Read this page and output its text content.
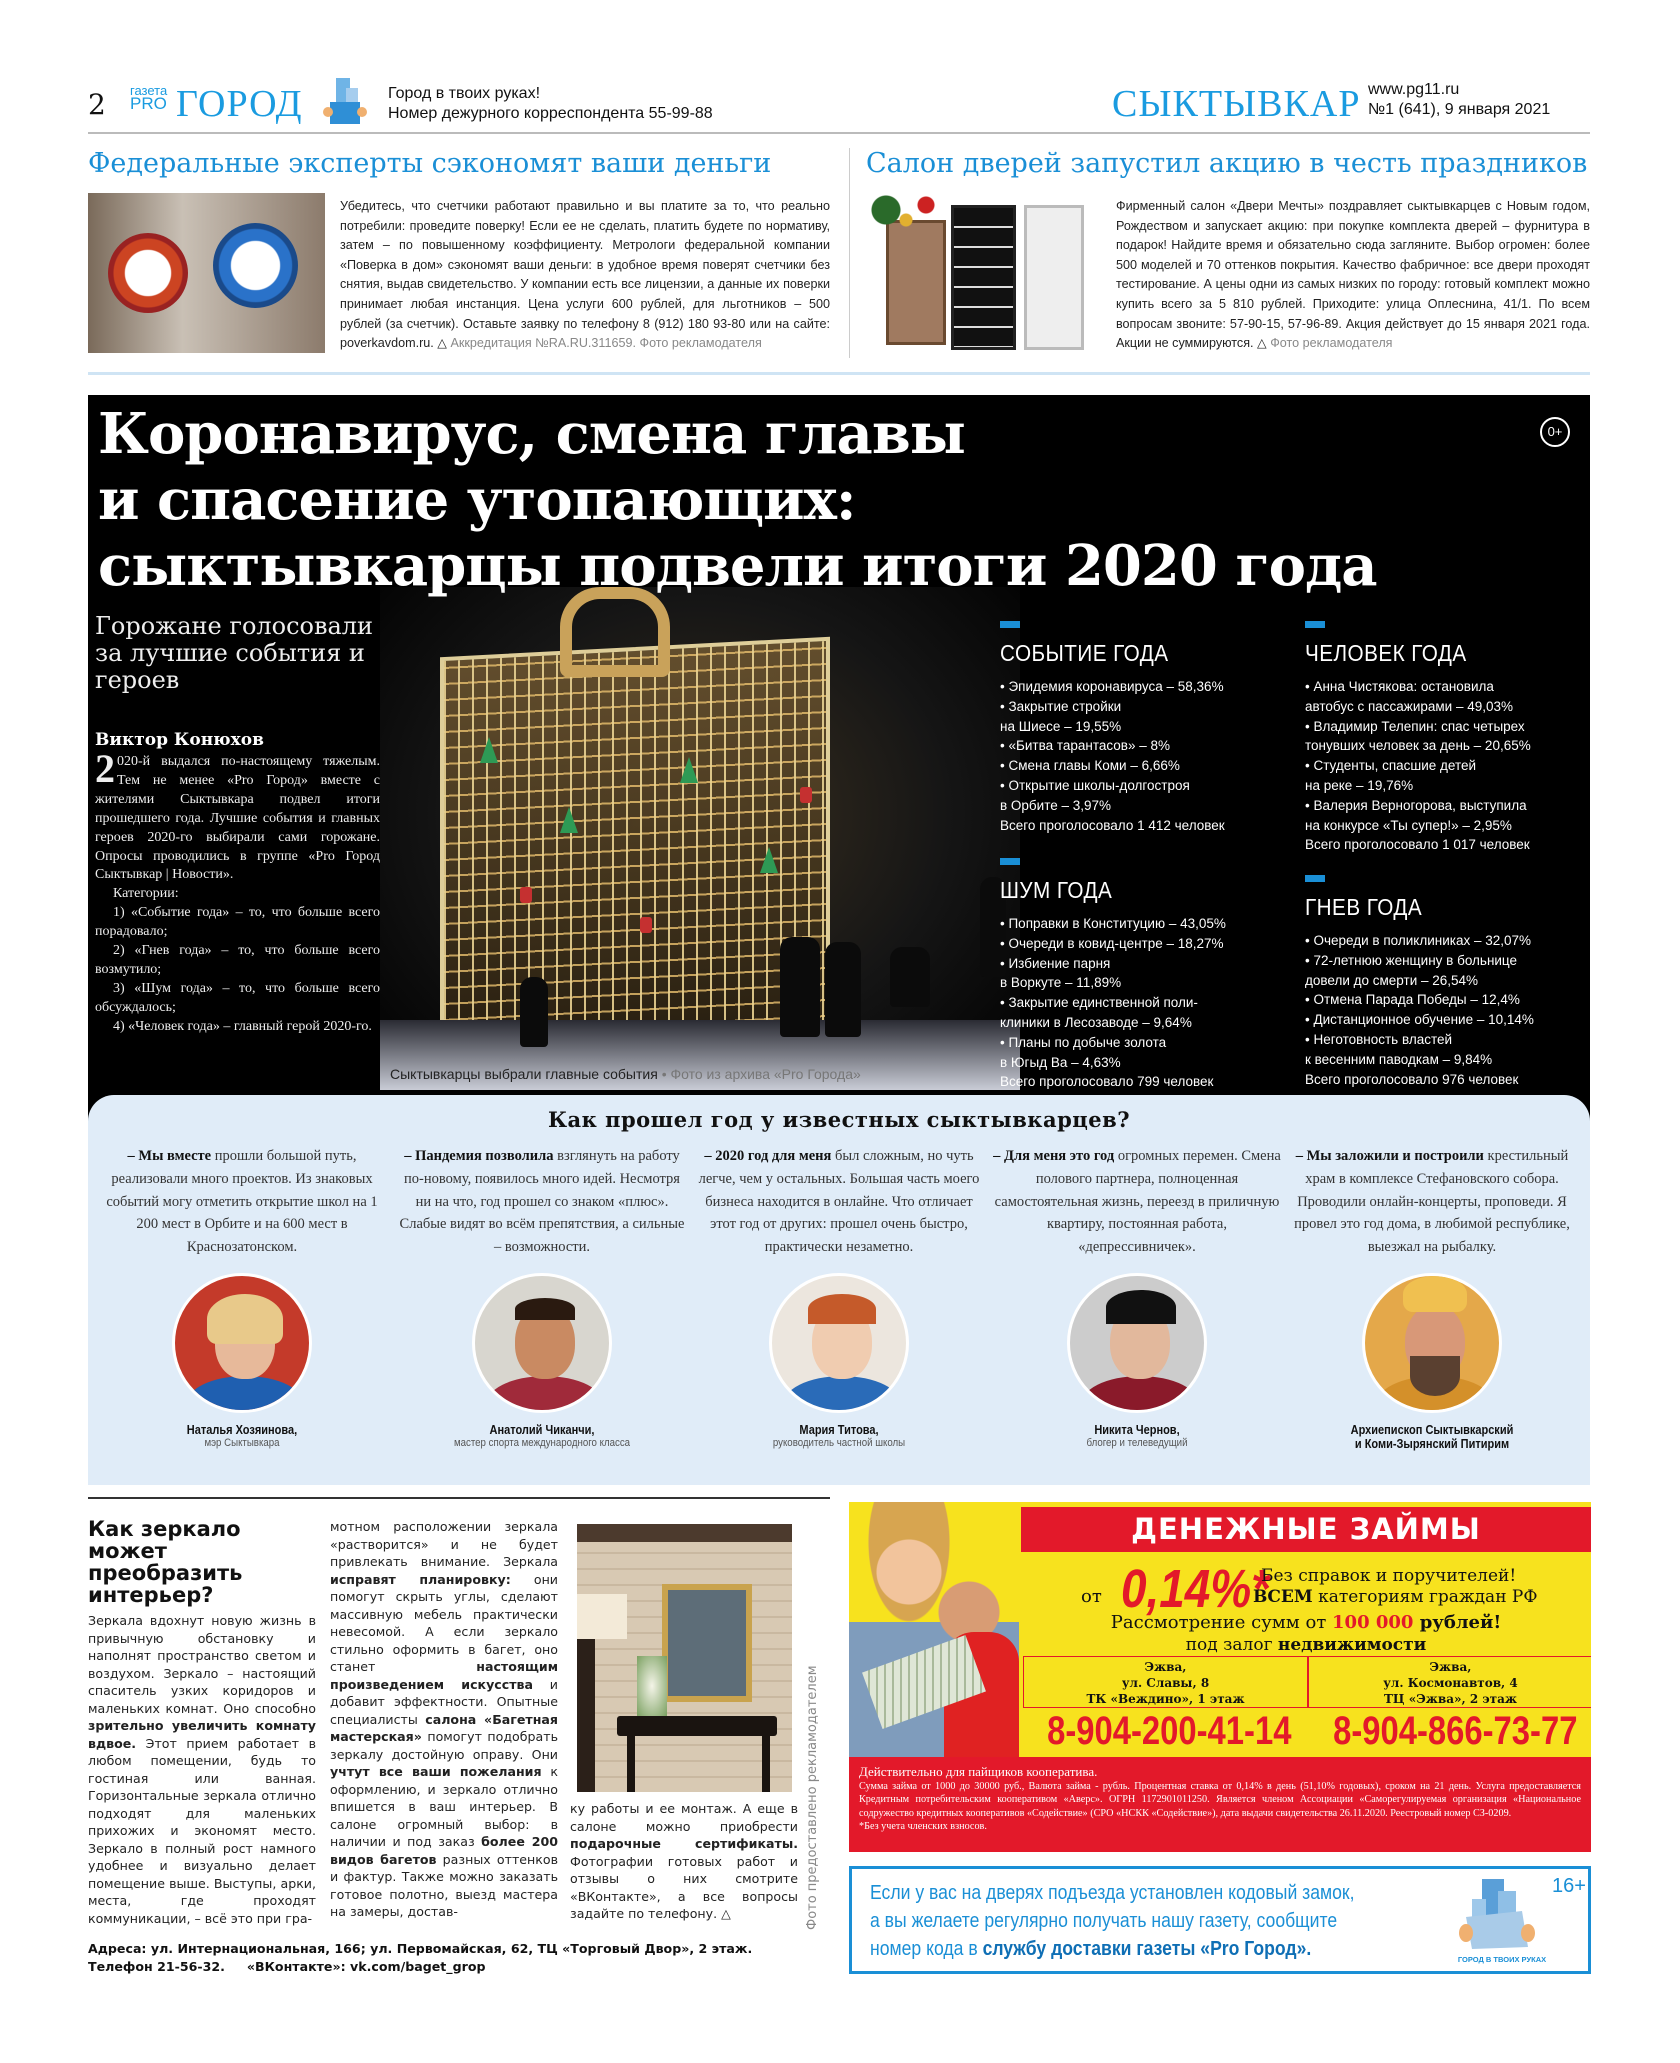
2 газета
PRO ГОРОД	Город в твоих руках!
Номер дежурного корреспондента 55-99-88	СЫКТЫВКАР www.pg11.ru
№1 (641), 9 января 2021
Федеральные эксперты сэкономят ваши деньги
Убедитесь, что счетчики работают правильно и вы платите за то, что реально потребили: проведите поверку! Если ее не сделать, платить будете по нормативу, затем – по повышенному коэффициенту. Метрологи федеральной компании «Поверка в дом» сэкономят ваши деньги: в удобное время поверят счетчики без снятия, выдав свидетельство. У компании есть все лицензии, а данные их поверки принимает любая инстанция. Цена услуги 600 рублей, для льготников – 500 рублей (за счетчик). Оставьте заявку по телефону 8 (912) 180 93-80 или на сайте: poverkavdom.ru. △ Аккредитация №RA.RU.311659. Фото рекламодателя
Салон дверей запустил акцию в честь праздников
Фирменный салон «Двери Мечты» поздравляет сыктывкарцев с Новым годом, Рождеством и запускает акцию: при покупке комплекта дверей – фурнитура в подарок! Найдите время и обязательно сюда загляните. Выбор огромен: более 500 моделей и 70 оттенков покрытия. Качество фабричное: все двери проходят тестирование. А цены одни из самых низких по городу: готовый комплект можно купить всего за 5 810 рублей. Приходите: улица Оплеснина, 41/1. По всем вопросам звоните: 57-90-15, 57-96-89. Акция действует до 15 января 2021 года. Акции не суммируются. △ Фото рекламодателя
Сыктывкарцы выбрали главные события • Фото из архива «Pro Города»
Коронавирус, смена главы
и спасение утопающих:
сыктывкарцы подвели итоги 2020 года
0+
Горожане голосовали за лучшие события и героев
Виктор Конюхов
2 020-й выдался по-настоящему тяжелым. Тем не менее «Pro Город» вместе с жителями Сыктывкара подвел итоги прошедшего года. Лучшие события и главных героев 2020-го выбирали сами горожане. Опросы проводились в группе «Pro Город Сыктывкар | Новости».

Категории:

1) «Событие года» – то, что больше всего порадовало;

2) «Гнев года» – то, что больше всего возмутило;

3) «Шум года» – то, что больше всего обсуждалось;

4) «Человек года» – главный герой 2020-го.

СОБЫТИЕ ГОДА
• Эпидемия коронавируса – 58,36%
• Закрытие стройки
на Шиесе – 19,55%
• «Битва тарантасов» – 8%
• Смена главы Коми – 6,66%
• Открытие школы-долгостроя
в Орбите – 3,97%
Всего проголосовало 1 412 человек
ЧЕЛОВЕК ГОДА
• Анна Чистякова: остановила
автобус с пассажирами – 49,03%
• Владимир Телепин: спас четырех
тонувших человек за день – 20,65%
• Студенты, спасшие детей
на реке – 19,76%
• Валерия Верногорова, выступила
на конкурсе «Ты супер!» – 2,95%
Всего проголосовало 1 017 человек
ШУМ ГОДА
• Поправки в Конституцию – 43,05%
• Очереди в ковид-центре – 18,27%
• Избиение парня
в Воркуте – 11,89%
• Закрытие единственной поли-
клиники в Лесозаводе – 9,64%
• Планы по добыче золота
в Югыд Ва – 4,63%
Всего проголосовало 799 человек
ГНЕВ ГОДА
• Очереди в поликлиниках – 32,07%
• 72-летнюю женщину в больнице
довели до смерти – 26,54%
• Отмена Парада Победы – 12,4%
• Дистанционное обучение – 10,14%
• Неготовность властей
к весенним паводкам – 9,84%
Всего проголосовало 976 человек
Как прошел год у известных сыктывкарцев?
– Мы вместе прошли большой путь, реализовали много проектов. Из знаковых событий могу отметить открытие школ на 1 200 мест в Орбите и на 600 мест в Краснозатонском.
Наталья Хозяинова,
мэр Сыктывкара
– Пандемия позволила взглянуть на работу по-новому, появилось много идей. Несмотря ни на что, год прошел со знаком «плюс». Слабые видят во всём препятствия, а сильные – возможности.
Анатолий Чиканчи,
мастер спорта международного класса
– 2020 год для меня был сложным, но чуть легче, чем у остальных. Большая часть моего бизнеса находится в онлайне. Что отличает этот год от других: прошел очень быстро, практически незаметно.
Мария Титова,
руководитель частной школы
– Для меня это год огромных перемен. Смена полового партнера, полноценная самостоятельная жизнь, переезд в приличную квартиру, постоянная работа, «депрессивничек».
Никита Чернов,
блогер и телеведущий
– Мы заложили и построили крестильный храм в комплексе Стефановского собора. Проводили онлайн-концерты, проповеди. Я провел это год дома, в любимой республике, выезжал на рыбалку.
Архиепископ Сыктывкарский
и Коми-Зырянский Питирим
Как зеркало может преобразить интерьер?
Зеркала вдохнут новую жизнь в привычную обстановку и наполнят пространство светом и воздухом. Зеркало – настоящий спаситель узких коридоров и маленьких комнат. Оно способно зрительно увеличить комнату вдвое. Этот прием работает в любом помещении, будь то гостиная или ванная. Горизонтальные зеркала отлично подходят для маленьких прихожих и экономят место. Зеркало в полный рост намного удобнее и визуально делает помещение выше. Выступы, арки, места, где проходят коммуникации, – всё это при гра-
мотном расположении зеркала «растворится» и не будет привлекать внимание. Зеркала исправят планировку: они помогут скрыть углы, сделают массивную мебель практически невесомой. А если зеркало стильно оформить в багет, оно станет настоящим произведением искусства и добавит эффектности. Опытные специалисты салона «Багетная мастерская» помогут подобрать зеркалу достойную оправу. Они учтут все ваши пожелания к оформлению, и зеркало отлично впишется в ваш интерьер. В салоне огромный выбор: в наличии и под заказ более 200 видов багетов разных оттенков и фактур. Также можно заказать готовое полотно, выезд мастера на замеры, достав-
ку работы и ее монтаж. А еще в салоне можно приобрести подарочные сертификаты. Фотографии готовых работ и отзывы о них смотрите «ВКонтакте», а все вопросы задайте по телефону. △	Фото предоставлено рекламодателем
Адреса: ул. Интернациональная, 166; ул. Первомайская, 62, ТЦ «Торговый Двор», 2 этаж.
Телефон 21-56-32. «ВКонтакте»: vk.com/baget_grop
ДЕНЕЖНЫЕ ЗАЙМЫ
от 0,14%*
Без справок и поручителей!
ВСЕМ категориям граждан РФ
Рассмотрение сумм от 100 000 рублей!
под залог недвижимости
Эжва,
ул. Славы, 8
ТК «Веждино», 1 этаж
Эжва,
ул. Космонавтов, 4
ТЦ «Эжва», 2 этаж
8-904-200-41-14 8-904-866-73-77
Действительно для пайщиков кооператива.
Сумма займа от 1000 до 30000 руб., Валюта займа - рубль. Процентная ставка от 0,14% в день (51,10% годовых), сроком на 21 день. Услуга предоставляется Кредитным потребительским кооперативом «Аверс». ОГРН 1172901011250. Является членом Ассоциации «Саморегулируемая организация «Национальное содружество кредитных кооперативов «Содействие» (СРО «НСКК «Содействие»), дата выдачи свидетельства 26.11.2020. Реестровый номер СЗ-0209.
*Без учета членских взносов.
Если у вас на дверях подъезда установлен кодовый замок,
а вы желаете регулярно получать нашу газету, сообщите
номер кода в службу доставки газеты «Pro Город».	ГОРОД В ТВОИХ РУКАХ
16+
